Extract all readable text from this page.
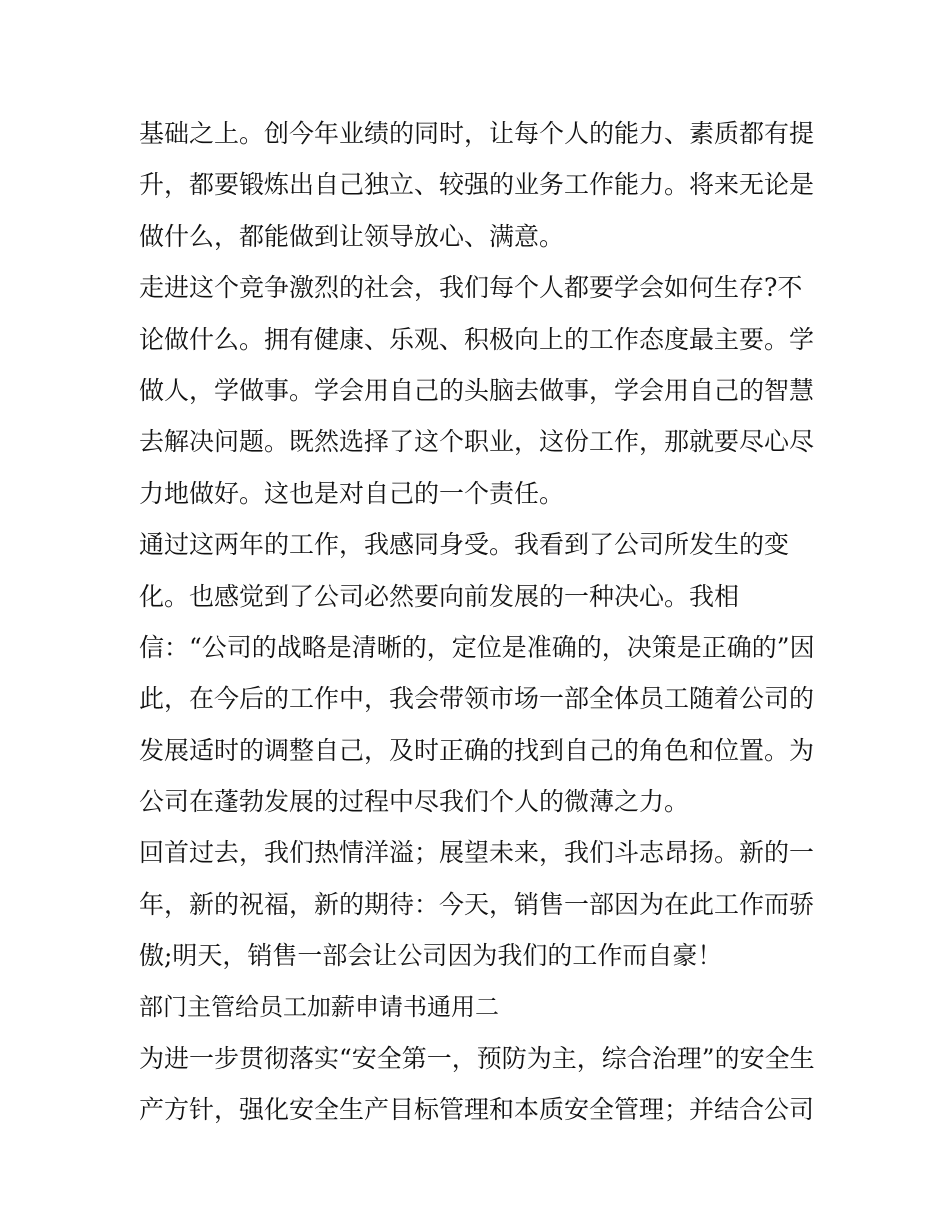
基础之上。创今年业绩的同时，让每个人的能力、素质都有提
升，都要锻炼出自己独立、较强的业务工作能力。将来无论是
做什么，都能做到让领导放心、满意。
走进这个竞争激烈的社会，我们每个人都要学会如何生存?不
论做什么。拥有健康、乐观、积极向上的工作态度最主要。学
做人，学做事。学会用自己的头脑去做事，学会用自己的智慧
去解决问题。既然选择了这个职业，这份工作，那就要尽心尽
力地做好。这也是对自己的一个责任。
通过这两年的工作，我感同身受。我看到了公司所发生的变
化。也感觉到了公司必然要向前发展的一种决心。我相
信：“公司的战略是清晰的，定位是准确的，决策是正确的”因
此，在今后的工作中，我会带领市场一部全体员工随着公司的
发展适时的调整自己，及时正确的找到自己的角色和位置。为
公司在蓬勃发展的过程中尽我们个人的微薄之力。
回首过去，我们热情洋溢；展望未来，我们斗志昂扬。新的一
年，新的祝福，新的期待：今天，销售一部因为在此工作而骄
傲;明天，销售一部会让公司因为我们的工作而自豪！
部门主管给员工加薪申请书通用二
为进一步贯彻落实“安全第一，预防为主，综合治理”的安全生
产方针，强化安全生产目标管理和本质安全管理；并结合公司
